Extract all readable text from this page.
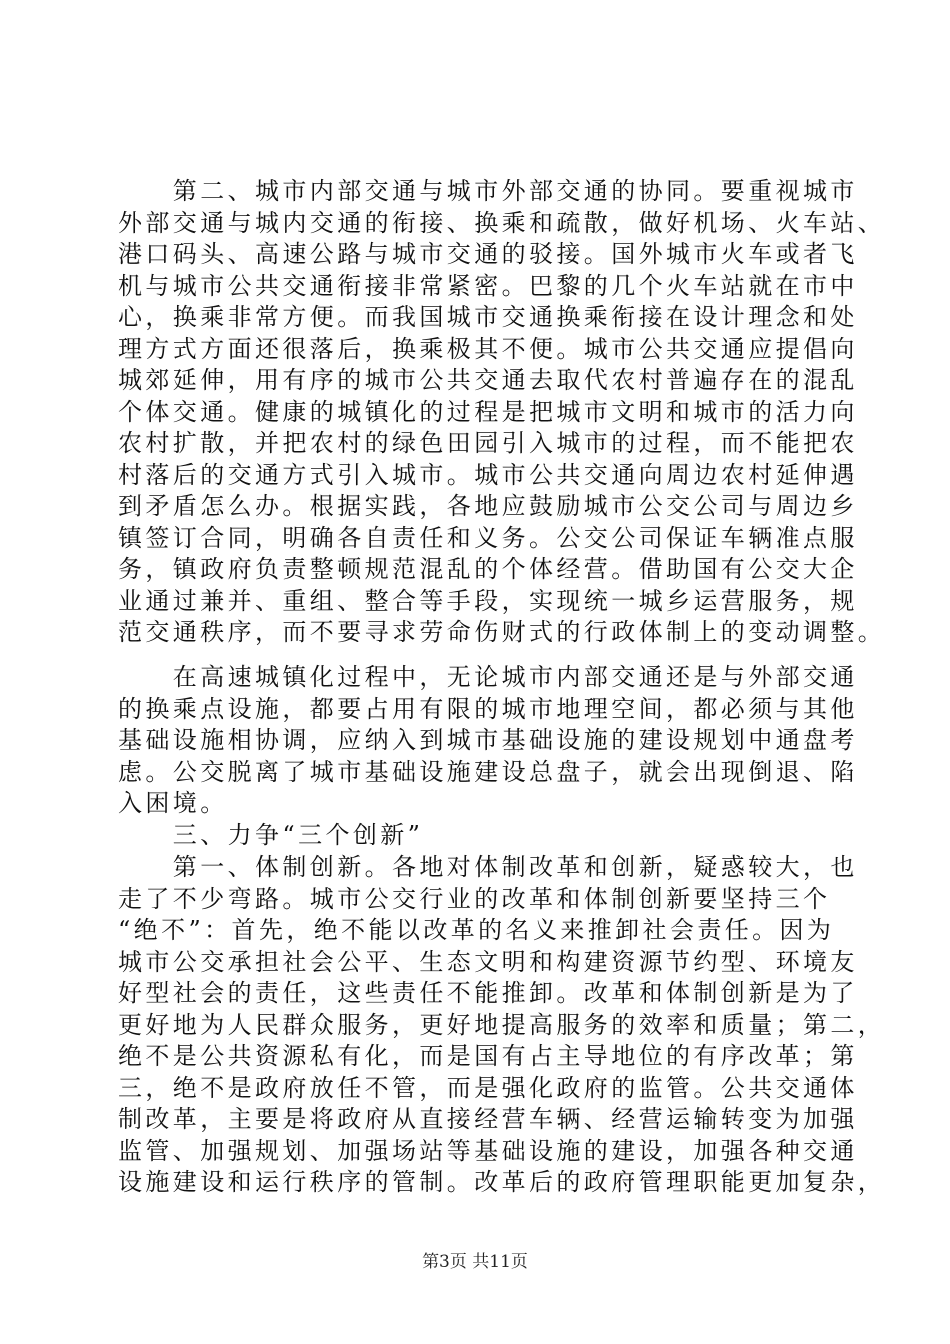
　　第二、城市内部交通与城市外部交通的协同。要重视城市
外部交通与城内交通的衔接、换乘和疏散，做好机场、火车站、
港口码头、高速公路与城市交通的驳接。国外城市火车或者飞
机与城市公共交通衔接非常紧密。巴黎的几个火车站就在市中
心，换乘非常方便。而我国城市交通换乘衔接在设计理念和处
理方式方面还很落后，换乘极其不便。城市公共交通应提倡向
城郊延伸，用有序的城市公共交通去取代农村普遍存在的混乱
个体交通。健康的城镇化的过程是把城市文明和城市的活力向
农村扩散，并把农村的绿色田园引入城市的过程，而不能把农
村落后的交通方式引入城市。城市公共交通向周边农村延伸遇
到矛盾怎么办。根据实践，各地应鼓励城市公交公司与周边乡
镇签订合同，明确各自责任和义务。公交公司保证车辆准点服
务，镇政府负责整顿规范混乱的个体经营。借助国有公交大企
业通过兼并、重组、整合等手段，实现统一城乡运营服务，规
范交通秩序，而不要寻求劳命伤财式的行政体制上的变动调整。
　　在高速城镇化过程中，无论城市内部交通还是与外部交通
的换乘点设施，都要占用有限的城市地理空间，都必须与其他
基础设施相协调，应纳入到城市基础设施的建设规划中通盘考
虑。公交脱离了城市基础设施建设总盘子，就会出现倒退、陷
入困境。
　　三、力争“三个创新”
　　第一、体制创新。各地对体制改革和创新，疑惑较大，也
走了不少弯路。城市公交行业的改革和体制创新要坚持三个
“绝不”：首先，绝不能以改革的名义来推卸社会责任。因为
城市公交承担社会公平、生态文明和构建资源节约型、环境友
好型社会的责任，这些责任不能推卸。改革和体制创新是为了
更好地为人民群众服务，更好地提高服务的效率和质量；第二，
绝不是公共资源私有化，而是国有占主导地位的有序改革；第
三，绝不是政府放任不管，而是强化政府的监管。公共交通体
制改革，主要是将政府从直接经营车辆、经营运输转变为加强
监管、加强规划、加强场站等基础设施的建设，加强各种交通
设施建设和运行秩序的管制。改革后的政府管理职能更加复杂，
第3页 共11页
